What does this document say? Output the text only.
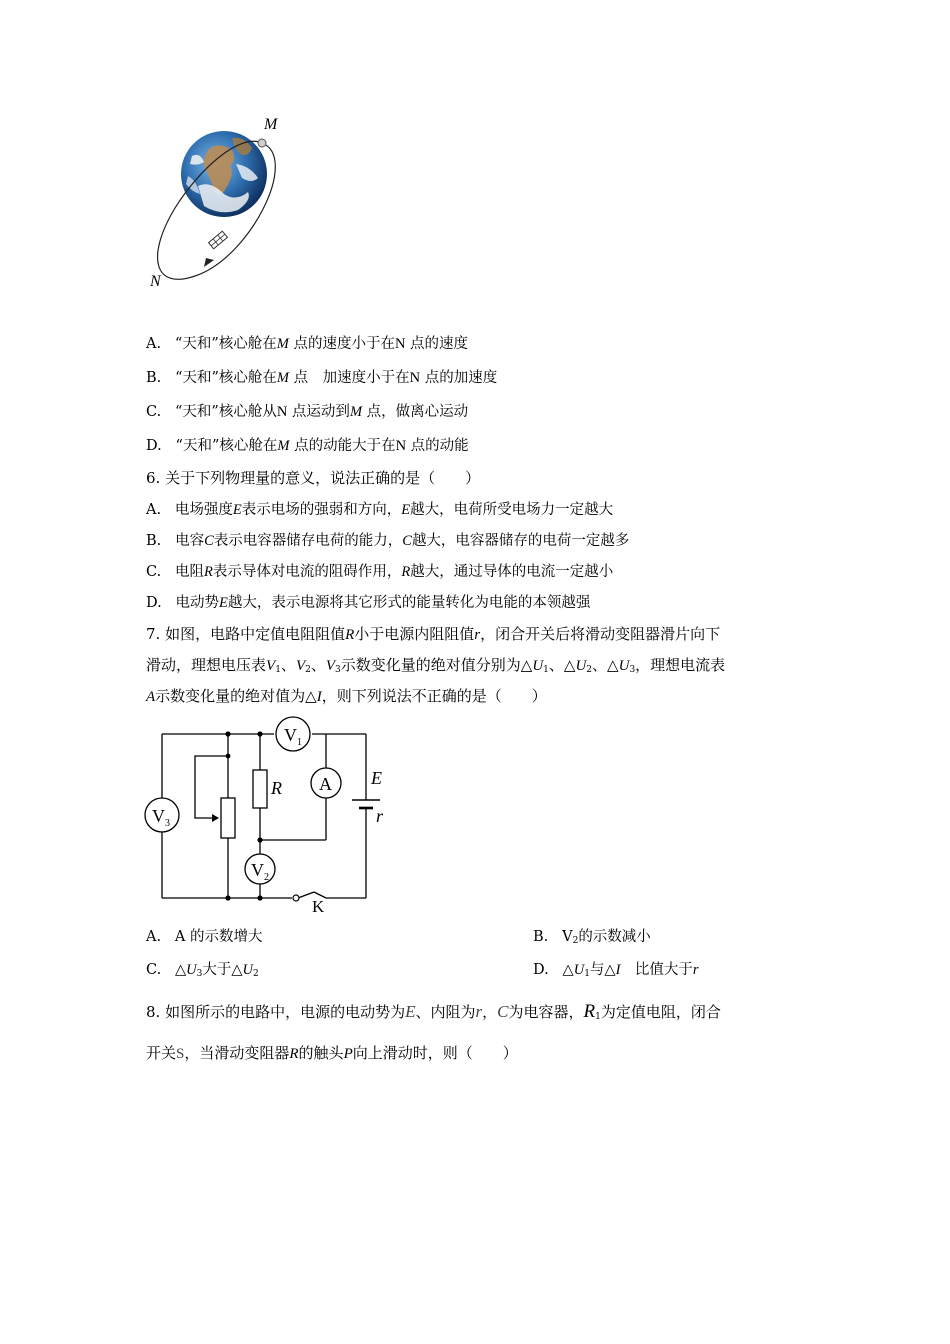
M
N
A. “天和”核心舱在M 点的速度小于在N 点的速度
B. “天和”核心舱在M 点　加速度小于在N 点的加速度
C. “天和”核心舱从N 点运动到M 点，做离心运动
D. “天和”核心舱在M 点的动能大于在N 点的动能
6. 关于下列物理量的意义，说法正确的是（　　）
A. 电场强度E表示电场的强弱和方向，E越大，电荷所受电场力一定越大
B. 电容C表示电容器储存电荷的能力，C越大，电容器储存的电荷一定越多
C. 电阻R表示导体对电流的阻碍作用，R越大，通过导体的电流一定越小
D. 电动势E越大，表示电源将其它形式的能量转化为电能的本领越强
7. 如图，电路中定值电阻阻值R小于电源内阻阻值r，闭合开关后将滑动变阻器滑片向下
滑动，理想电压表$V_1$、$V_2$、$V_3$示数变化量的绝对值分别为$\triangle U_1$、$\triangle U_2$、$\triangle U_3$，理想电流表
A示数变化量的绝对值为△I，则下列说法不正确的是（　　）
V 1
A
V 3
V 2
R	E
r
K
A. A 的示数增大	B. $V_2$的示数减小
C. $\triangle U_3$大于$\triangle U_2$	D. $\triangle U_1$与△I　比值大于r
8. 如图所示的电路中，电源的电动势为E、内阻为r，C为电容器，$R_1$为定值电阻，闭合
开关S，当滑动变阻器R的触头P向上滑动时，则（　　）
